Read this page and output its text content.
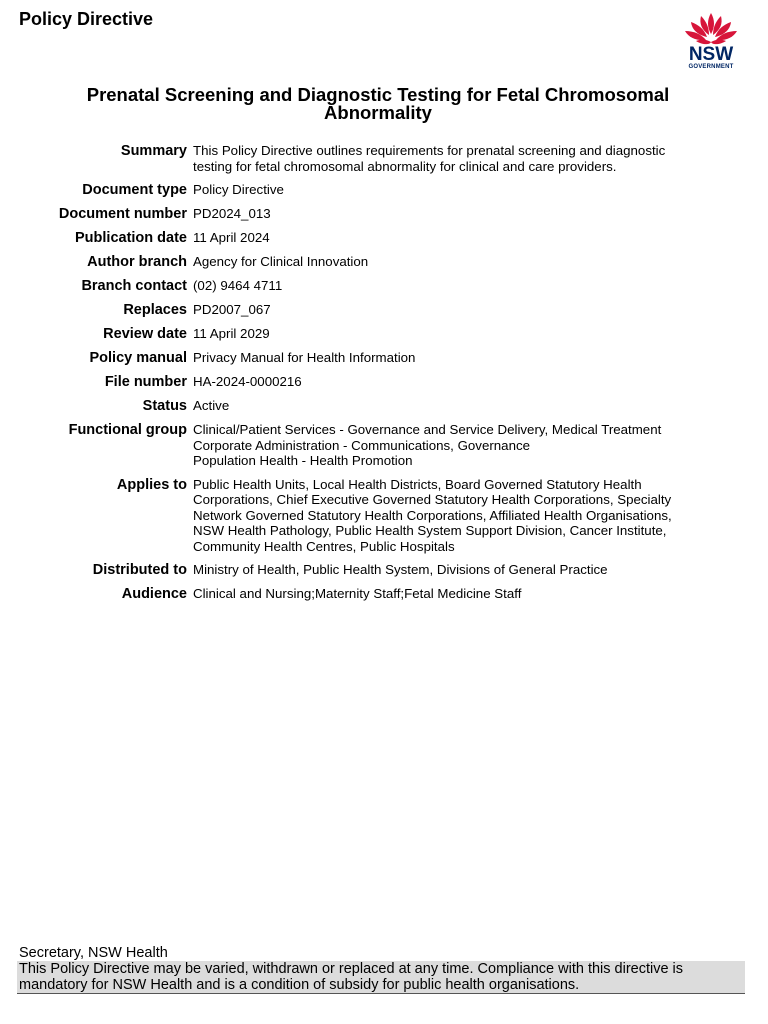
Policy Directive
NSW
GOVERNMENT
Prenatal Screening and Diagnostic Testing for Fetal Chromosomal
Abnormality
Summary This Policy Directive outlines requirements for prenatal screening and diagnostic
testing for fetal chromosomal abnormality for clinical and care providers.
Document type Policy Directive
Document number PD2024_013
Publication date 11 April 2024
Author branch Agency for Clinical Innovation
Branch contact (02) 9464 4711
Replaces PD2007_067
Review date 11 April 2029
Policy manual Privacy Manual for Health Information
File number HA-2024-0000216
Status Active
Functional group Clinical/Patient Services - Governance and Service Delivery, Medical Treatment
Corporate Administration - Communications, Governance
Population Health - Health Promotion
Applies to Public Health Units, Local Health Districts, Board Governed Statutory Health
Corporations, Chief Executive Governed Statutory Health Corporations, Specialty
Network Governed Statutory Health Corporations, Affiliated Health Organisations,
NSW Health Pathology, Public Health System Support Division, Cancer Institute,
Community Health Centres, Public Hospitals
Distributed to Ministry of Health, Public Health System, Divisions of General Practice
Audience Clinical and Nursing;Maternity Staff;Fetal Medicine Staff
Secretary, NSW Health
This Policy Directive may be varied, withdrawn or replaced at any time. Compliance with this directive is
mandatory for NSW Health and is a condition of subsidy for public health organisations.
